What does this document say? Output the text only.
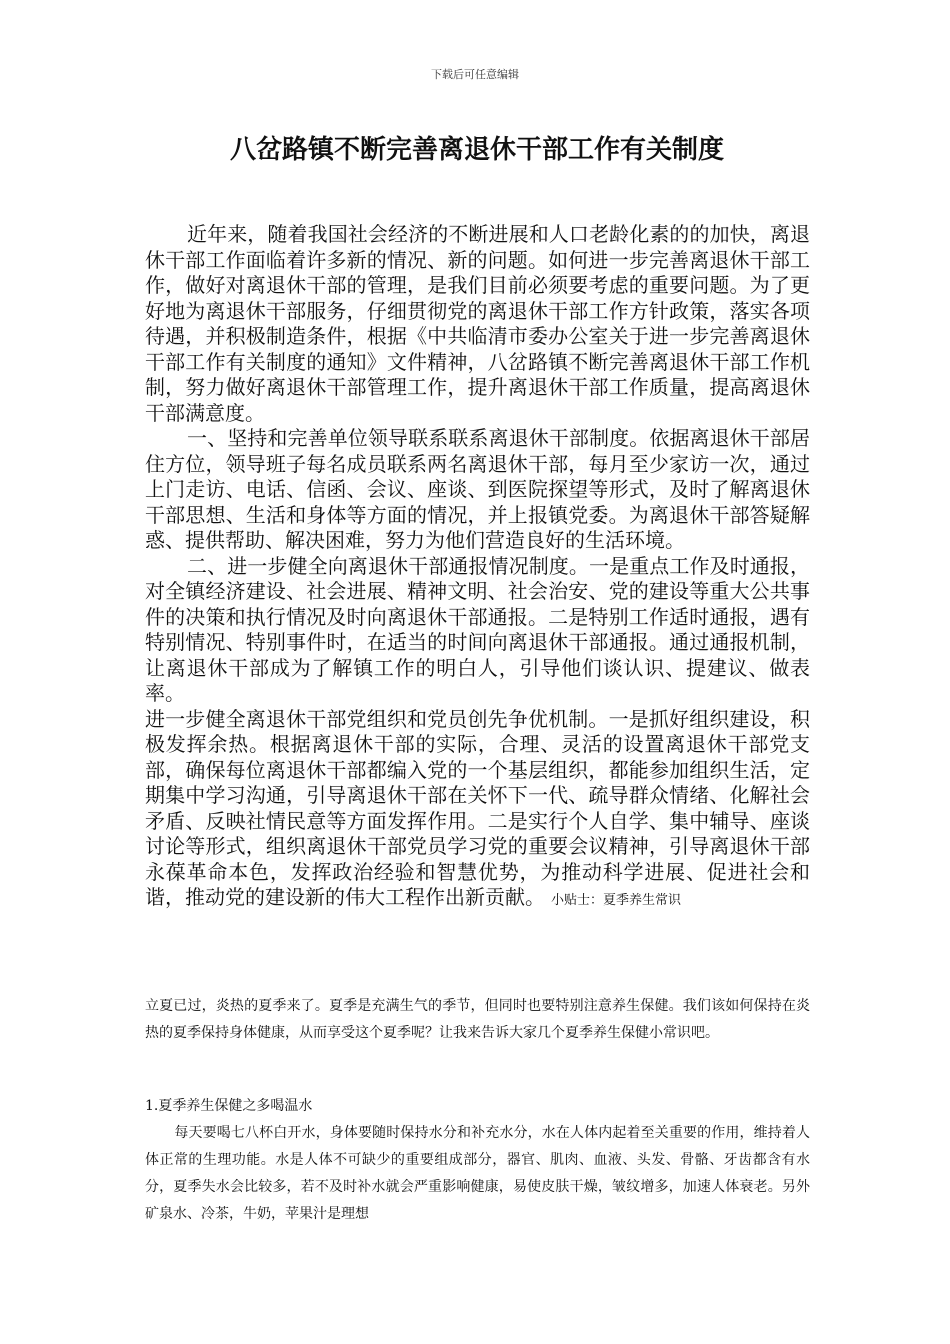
下载后可任意编辑
八岔路镇不断完善离退休干部工作有关制度

近年来，随着我国社会经济的不断进展和人口老龄化素的的加快，离退休干部工作面临着许多新的情况、新的问题。如何进一步完善离退休干部工作，做好对离退休干部的管理，是我们目前必须要考虑的重要问题。为了更好地为离退休干部服务，仔细贯彻党的离退休干部工作方针政策，落实各项待遇，并积极制造条件，根据《中共临清市委办公室关于进一步完善离退休干部工作有关制度的通知》文件精神，八岔路镇不断完善离退休干部工作机制，努力做好离退休干部管理工作，提升离退休干部工作质量，提高离退休干部满意度。

一、坚持和完善单位领导联系联系离退休干部制度。依据离退休干部居住方位，领导班子每名成员联系两名离退休干部，每月至少家访一次，通过上门走访、电话、信函、会议、座谈、到医院探望等形式，及时了解离退休干部思想、生活和身体等方面的情况，并上报镇党委。为离退休干部答疑解惑、提供帮助、解决困难，努力为他们营造良好的生活环境。

二、进一步健全向离退休干部通报情况制度。一是重点工作及时通报，对全镇经济建设、社会进展、精神文明、社会治安、党的建设等重大公共事件的决策和执行情况及时向离退休干部通报。二是特别工作适时通报，遇有特别情况、特别事件时，在适当的时间向离退休干部通报。通过通报机制，让离退休干部成为了解镇工作的明白人，引导他们谈认识、提建议、做表率。

进一步健全离退休干部党组织和党员创先争优机制。一是抓好组织建设，积极发挥余热。根据离退休干部的实际，合理、灵活的设置离退休干部党支部，确保每位离退休干部都编入党的一个基层组织，都能参加组织生活，定期集中学习沟通，引导离退休干部在关怀下一代、疏导群众情绪、化解社会矛盾、反映社情民意等方面发挥作用。二是实行个人自学、集中辅导、座谈讨论等形式，组织离退休干部党员学习党的重要会议精神，引导离退休干部永葆革命本色，发挥政治经验和智慧优势，为推动科学进展、促进社会和谐，推动党的建设新的伟大工程作出新贡献。 小贴士：夏季养生常识

立夏已过，炎热的夏季来了。夏季是充满生气的季节，但同时也要特别注意养生保健。我们该如何保持在炎热的夏季保持身体健康，从而享受这个夏季呢？让我来告诉大家几个夏季养生保健小常识吧。

1.夏季养生保健之多喝温水

每天要喝七八杯白开水，身体要随时保持水分和补充水分，水在人体内起着至关重要的作用，维持着人体正常的生理功能。水是人体不可缺少的重要组成部分，器官、肌肉、血液、头发、骨骼、牙齿都含有水分，夏季失水会比较多，若不及时补水就会严重影响健康，易使皮肤干燥，皱纹增多，加速人体衰老。另外矿泉水、冷茶，牛奶，苹果汁是理想
